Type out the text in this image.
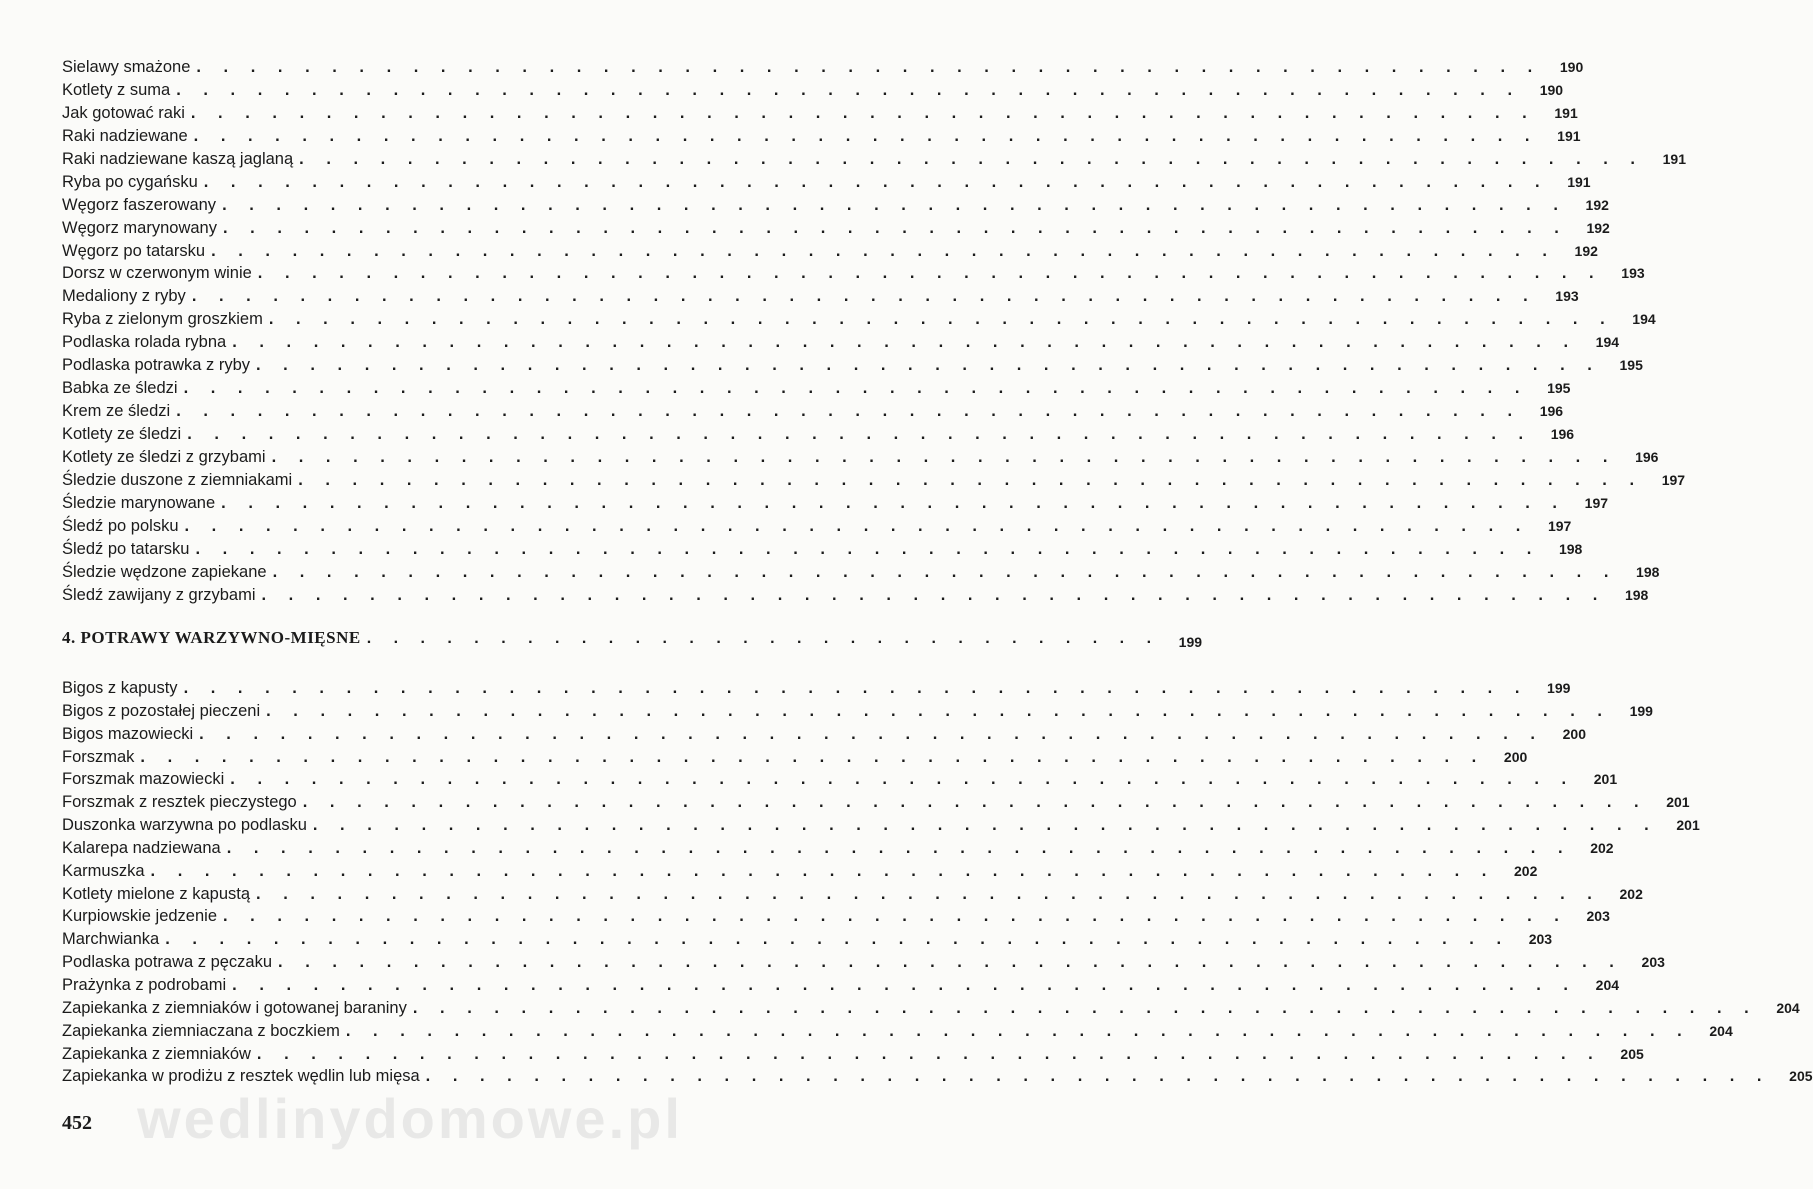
Sielawy smażone . . . . . . . . . . . . . . . . . . . . . . . . . . . . . . . . . . . . . . . . . . . . . . . . . .	190
Kotlety z suma . . . . . . . . . . . . . . . . . . . . . . . . . . . . . . . . . . . . . . . . . . . . . . . . . .	190
Jak gotować raki . . . . . . . . . . . . . . . . . . . . . . . . . . . . . . . . . . . . . . . . . . . . . . . . . .	191
Raki nadziewane . . . . . . . . . . . . . . . . . . . . . . . . . . . . . . . . . . . . . . . . . . . . . . . . . .	191
Raki nadziewane kaszą jaglaną . . . . . . . . . . . . . . . . . . . . . . . . . . . . . . . . . . . . . . . . . . . . . . . . . .	191
Ryba po cygańsku . . . . . . . . . . . . . . . . . . . . . . . . . . . . . . . . . . . . . . . . . . . . . . . . . .	191
Węgorz faszerowany . . . . . . . . . . . . . . . . . . . . . . . . . . . . . . . . . . . . . . . . . . . . . . . . . .	192
Węgorz marynowany . . . . . . . . . . . . . . . . . . . . . . . . . . . . . . . . . . . . . . . . . . . . . . . . . .	192
Węgorz po tatarsku . . . . . . . . . . . . . . . . . . . . . . . . . . . . . . . . . . . . . . . . . . . . . . . . . .	192
Dorsz w czerwonym winie . . . . . . . . . . . . . . . . . . . . . . . . . . . . . . . . . . . . . . . . . . . . . . . . . .	193
Medaliony z ryby . . . . . . . . . . . . . . . . . . . . . . . . . . . . . . . . . . . . . . . . . . . . . . . . . .	193
Ryba z zielonym groszkiem . . . . . . . . . . . . . . . . . . . . . . . . . . . . . . . . . . . . . . . . . . . . . . . . . .	194
Podlaska rolada rybna . . . . . . . . . . . . . . . . . . . . . . . . . . . . . . . . . . . . . . . . . . . . . . . . . .	194
Podlaska potrawka z ryby . . . . . . . . . . . . . . . . . . . . . . . . . . . . . . . . . . . . . . . . . . . . . . . . . .	195
Babka ze śledzi . . . . . . . . . . . . . . . . . . . . . . . . . . . . . . . . . . . . . . . . . . . . . . . . . .	195
Krem ze śledzi . . . . . . . . . . . . . . . . . . . . . . . . . . . . . . . . . . . . . . . . . . . . . . . . . .	196
Kotlety ze śledzi . . . . . . . . . . . . . . . . . . . . . . . . . . . . . . . . . . . . . . . . . . . . . . . . . .	196
Kotlety ze śledzi z grzybami . . . . . . . . . . . . . . . . . . . . . . . . . . . . . . . . . . . . . . . . . . . . . . . . . .	196
Śledzie duszone z ziemniakami . . . . . . . . . . . . . . . . . . . . . . . . . . . . . . . . . . . . . . . . . . . . . . . . . .	197
Śledzie marynowane . . . . . . . . . . . . . . . . . . . . . . . . . . . . . . . . . . . . . . . . . . . . . . . . . .	197
Śledź po polsku . . . . . . . . . . . . . . . . . . . . . . . . . . . . . . . . . . . . . . . . . . . . . . . . . .	197
Śledź po tatarsku . . . . . . . . . . . . . . . . . . . . . . . . . . . . . . . . . . . . . . . . . . . . . . . . . .	198
Śledzie wędzone zapiekane . . . . . . . . . . . . . . . . . . . . . . . . . . . . . . . . . . . . . . . . . . . . . . . . . .	198
Śledź zawijany z grzybami . . . . . . . . . . . . . . . . . . . . . . . . . . . . . . . . . . . . . . . . . . . . . . . . . .	198
4. POTRAWY WARZYWNO-MIĘSNE . . . . . . . . . . . . . . . . . . . . . . . . . . . . . .	199
Bigos z kapusty . . . . . . . . . . . . . . . . . . . . . . . . . . . . . . . . . . . . . . . . . . . . . . . . . .	199
Bigos z pozostałej pieczeni . . . . . . . . . . . . . . . . . . . . . . . . . . . . . . . . . . . . . . . . . . . . . . . . . .	199
Bigos mazowiecki . . . . . . . . . . . . . . . . . . . . . . . . . . . . . . . . . . . . . . . . . . . . . . . . . .	200
Forszmak . . . . . . . . . . . . . . . . . . . . . . . . . . . . . . . . . . . . . . . . . . . . . . . . . .	200
Forszmak mazowiecki . . . . . . . . . . . . . . . . . . . . . . . . . . . . . . . . . . . . . . . . . . . . . . . . . .	201
Forszmak z resztek pieczystego . . . . . . . . . . . . . . . . . . . . . . . . . . . . . . . . . . . . . . . . . . . . . . . . . .	201
Duszonka warzywna po podlasku . . . . . . . . . . . . . . . . . . . . . . . . . . . . . . . . . . . . . . . . . . . . . . . . . .	201
Kalarepa nadziewana . . . . . . . . . . . . . . . . . . . . . . . . . . . . . . . . . . . . . . . . . . . . . . . . . .	202
Karmuszka . . . . . . . . . . . . . . . . . . . . . . . . . . . . . . . . . . . . . . . . . . . . . . . . . .	202
Kotlety mielone z kapustą . . . . . . . . . . . . . . . . . . . . . . . . . . . . . . . . . . . . . . . . . . . . . . . . . .	202
Kurpiowskie jedzenie . . . . . . . . . . . . . . . . . . . . . . . . . . . . . . . . . . . . . . . . . . . . . . . . . .	203
Marchwianka . . . . . . . . . . . . . . . . . . . . . . . . . . . . . . . . . . . . . . . . . . . . . . . . . .	203
Podlaska potrawa z pęczaku . . . . . . . . . . . . . . . . . . . . . . . . . . . . . . . . . . . . . . . . . . . . . . . . . .	203
Prażynka z podrobami . . . . . . . . . . . . . . . . . . . . . . . . . . . . . . . . . . . . . . . . . . . . . . . . . .	204
Zapiekanka z ziemniaków i gotowanej baraniny . . . . . . . . . . . . . . . . . . . . . . . . . . . . . . . . . . . . . . . . . . . . . . . . . .	204
Zapiekanka ziemniaczana z boczkiem . . . . . . . . . . . . . . . . . . . . . . . . . . . . . . . . . . . . . . . . . . . . . . . . . .	204
Zapiekanka z ziemniaków . . . . . . . . . . . . . . . . . . . . . . . . . . . . . . . . . . . . . . . . . . . . . . . . . .	205
Zapiekanka w prodiżu z resztek wędlin lub mięsa . . . . . . . . . . . . . . . . . . . . . . . . . . . . . . . . . . . . . . . . . . . . . . . . . .	205
wedlinydomowe.pl
452
